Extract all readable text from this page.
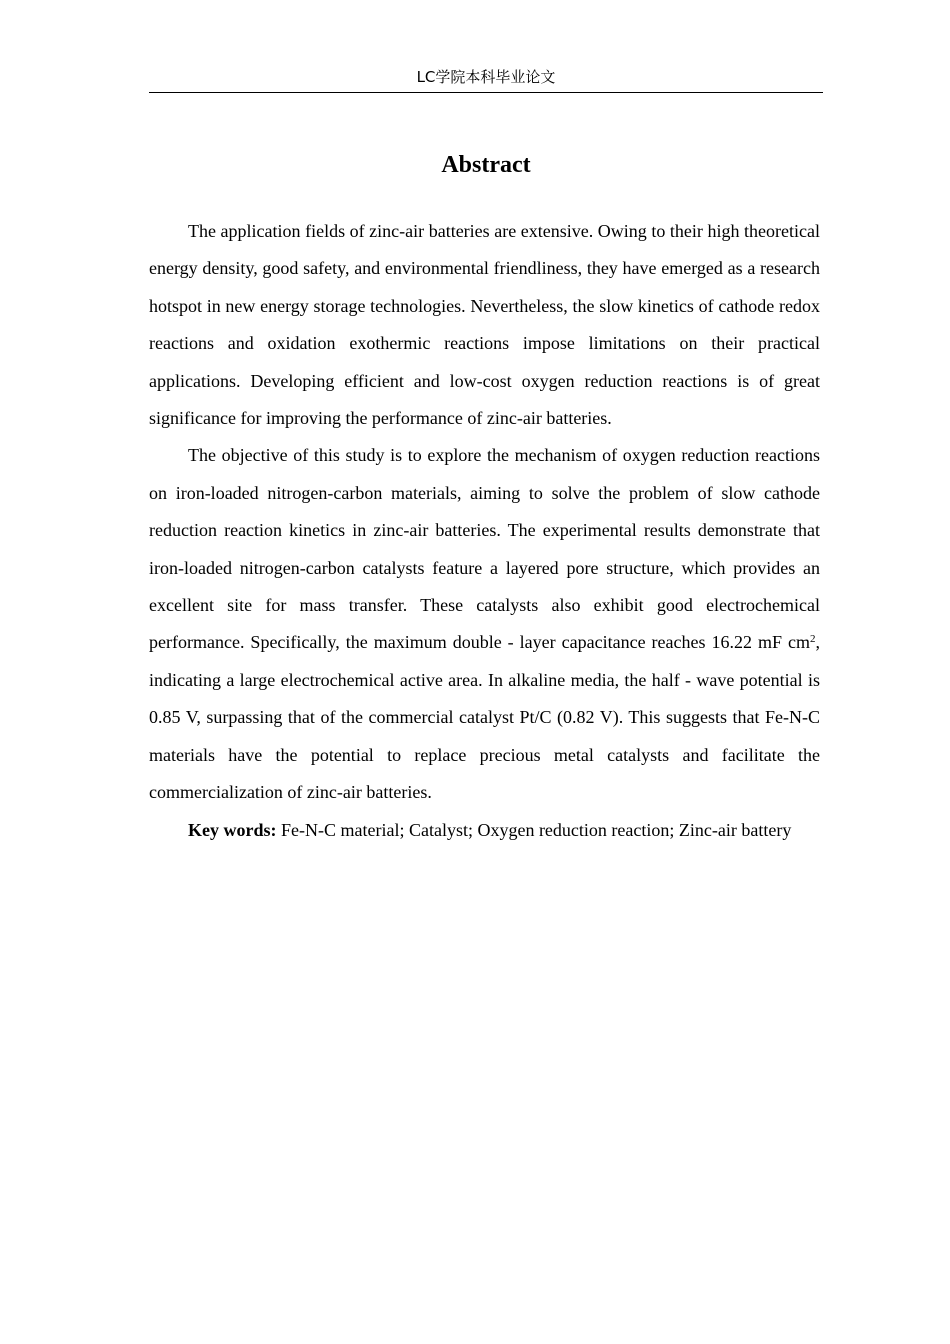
LC学院本科毕业论文
Abstract

The application fields of zinc-air batteries are extensive. Owing to their high theoretical energy density, good safety, and environmental friendliness, they have emerged as a research hotspot in new energy storage technologies. Nevertheless, the slow kinetics of cathode redox reactions and oxidation exothermic reactions impose limitations on their practical applications. Developing efficient and low-cost oxygen reduction reactions is of great significance for improving the performance of zinc-air batteries.

The objective of this study is to explore the mechanism of oxygen reduction reactions on iron-loaded nitrogen-carbon materials, aiming to solve the problem of slow cathode reduction reaction kinetics in zinc-air batteries. The experimental results demonstrate that iron-loaded nitrogen-carbon catalysts feature a layered pore structure, which provides an excellent site for mass transfer. These catalysts also exhibit good electrochemical performance. Specifically, the maximum double - layer capacitance reaches 16.22 mF $cm^2$, indicating a large electrochemical active area. In alkaline media, the half - wave potential is 0.85 V, surpassing that of the commercial catalyst Pt/C (0.82 V). This suggests that Fe-N-C materials have the potential to replace precious metal catalysts and facilitate the commercialization of zinc-air batteries.

Key words: Fe-N-C material; Catalyst; Oxygen reduction reaction; Zinc-air battery
